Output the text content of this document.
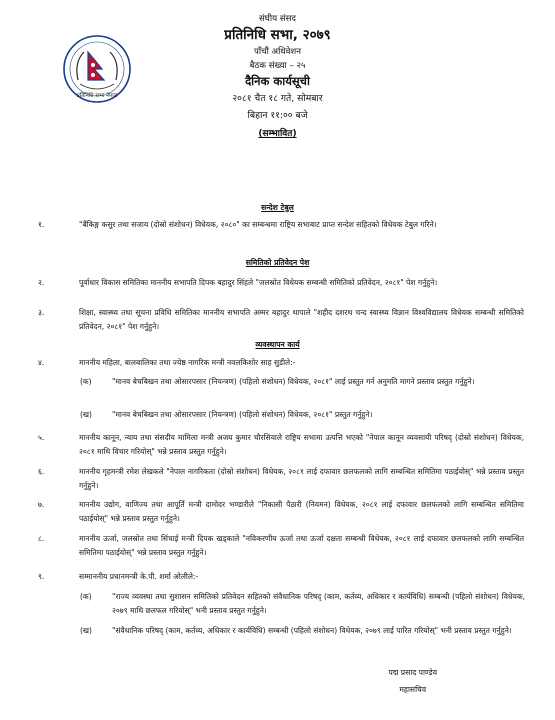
प्रतिनिधि सभा नेपाल
संघीय संसद
प्रतिनिधि सभा, २०७९
पाँचौं अधिवेशन
बैठक संख्या – २५
दैनिक कार्यसूची
२०८१ चैत १८ गते, सोमबार
बिहान ११:०० बजे
(सम्भावित)
सन्देश टेबुल
१.	"बैंकिङ्ग कसुर तथा सजाय (दोस्रो संशोधन) विधेयक, २०८०" का सम्बन्धमा राष्ट्रिय सभाबाट प्राप्त सन्देश सहितको विधेयक टेबुल गरिने।
समितिको प्रतिवेदन पेश
२.	पूर्वाधार विकास समितिका माननीय सभापति दिपक बहादुर सिंहले "जलस्रोत विधेयक सम्बन्धी समितिको प्रतिवेदन, २०८१" पेश गर्नुहुने।
३.	शिक्षा, स्वास्थ्य तथा सूचना प्रविधि समितिका माननीय सभापति अम्मर बहादुर थापाले "शहीद दशरथ चन्द स्वास्थ्य विज्ञान विश्वविद्यालय विधेयक सम्बन्धी समितिको प्रतिवेदन, २०८१" पेश गर्नुहुने।
व्यवस्थापन कार्य
४.	माननीय महिला, बालबालिका तथा ज्येष्ठ नागरिक मन्त्री नवलकिशोर साह सुडीले:-
(क)	"मानव बेचबिखन तथा ओसारपसार (नियन्त्रण) (पहिलो संशोधन) विधेयक, २०८१" लाई प्रस्तुत गर्न अनुमति मागने प्रस्ताव प्रस्तुत गर्नुहुने।
(ख)	"मानव बेचबिखन तथा ओसारपसार (नियन्त्रण) (पहिलो संशोधन) विधेयक, २०८१" प्रस्तुत गर्नुहुने।
५.	माननीय कानून, न्याय तथा संसदीय मामिला मन्त्री अजय कुमार चौरसियाले राष्ट्रिय सभामा उत्पत्ति भएको "नेपाल कानून व्यवसायी परिषद् (दोस्रो संशोधन) विधेयक, २०८१ माथि विचार गरियोस्" भन्ने प्रस्ताव प्रस्तुत गर्नुहुने।
६.	माननीय गृहमन्त्री रमेश लेखकले "नेपाल नागरिकता (दोस्रो संशोधन) विधेयक, २०८१ लाई दफावार छलफलको लागि सम्बन्धित समितिमा पठाईयोस्" भन्ने प्रस्ताव प्रस्तुत गर्नुहुने।
७.	माननीय उद्योग, वाणिज्य तथा आपूर्ति मन्त्री दामोदर भण्डारीले "निकासी पैठारी (नियमन) विधेयक, २०८१ लाई दफावार छलफलको लागि सम्बन्धित समितिमा पठाईयोस्" भन्ने प्रस्ताव प्रस्तुत गर्नुहुने।
८.	माननीय ऊर्जा, जलस्रोत तथा सिंचाई मन्त्री दिपक खड्काले "नविकरणीय ऊर्जा तथा ऊर्जा दक्षता सम्बन्धी विधेयक, २०८१ लाई दफावार छलफलको लागि सम्बन्धित समितिमा पठाईयोस्" भन्ने प्रस्ताव प्रस्तुत गर्नुहुने।
९.	सम्माननीय प्रधानमन्त्री के.पी. शर्मा ओलीले:-
(क)	"राज्य व्यवस्था तथा सुशासन समितिको प्रतिवेदन सहितको संवैधानिक परिषद् (काम, कर्तव्य, अधिकार र कार्यविधि) सम्बन्धी (पहिलो संशोधन) विधेयक, २०७९ माथि छलफल गरियोस्" भनी प्रस्ताव प्रस्तुत गर्नुहुने।
(ख)	"संवैधानिक परिषद् (काम, कर्तव्य, अधिकार र कार्यविधि) सम्बन्धी (पहिलो संशोधन) विधेयक, २०७९ लाई पारित गरियोस्" भनी प्रस्ताव प्रस्तुत गर्नुहुने।
पद्म प्रसाद पाण्डेय
महासचिव
